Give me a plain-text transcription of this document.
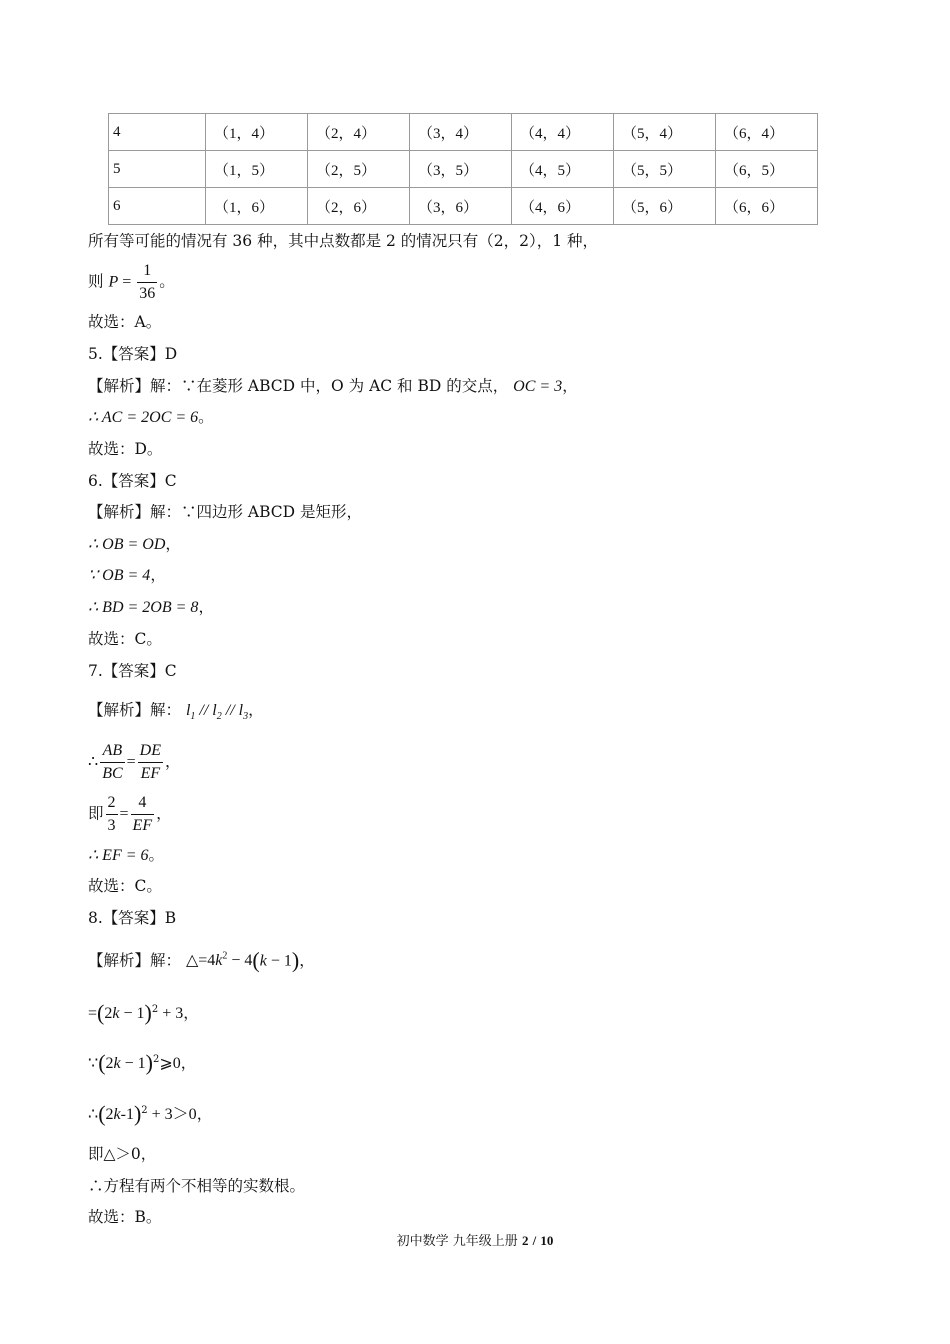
4	（1，4）	（2，4）	（3，4）	（4，4）	（5，4）	（6，4）
5	（1，5）	（2，5）	（3，5）	（4，5）	（5，5）	（6，5）
6	（1，6）	（2，6）	（3，6）	（4，6）	（5，6）	（6，6）
所有等可能的情况有 36 种，其中点数都是 2 的情况只有（2，2），1 种，
则 $P = \frac{1}{36}$ 。
故选：A。
5.【答案】D
【解析】解：∵在菱形 ABCD 中，O 为 AC 和 BD 的交点， OC = 3，
∴ AC = 2OC = 6。
故选：D。
6.【答案】C
【解析】解：∵四边形 ABCD 是矩形，
∴ OB = OD，
∵ OB = 4，
∴ BD = 2OB = 8，
故选：C。
7.【答案】C
【解析】解： $l_1 // l_2 // l_3$，
∴ $\frac{AB}{BC} = \frac{DE}{EF}$ ，
即 $\frac{2}{3} = \frac{4}{EF}$ ，
∴ EF = 6。
故选：C。
8.【答案】B
【解析】解： $\triangle=4k^2 - 4(k - 1)$，
$=(2k - 1)^2 + 3$，
∵(2k − 1)$^2$⩾0，
$\therefore(2k-1)^2 + 3>0$，
即△＞0，
∴方程有两个不相等的实数根。
故选：B。
初中数学 九年级上册 2 / 10
